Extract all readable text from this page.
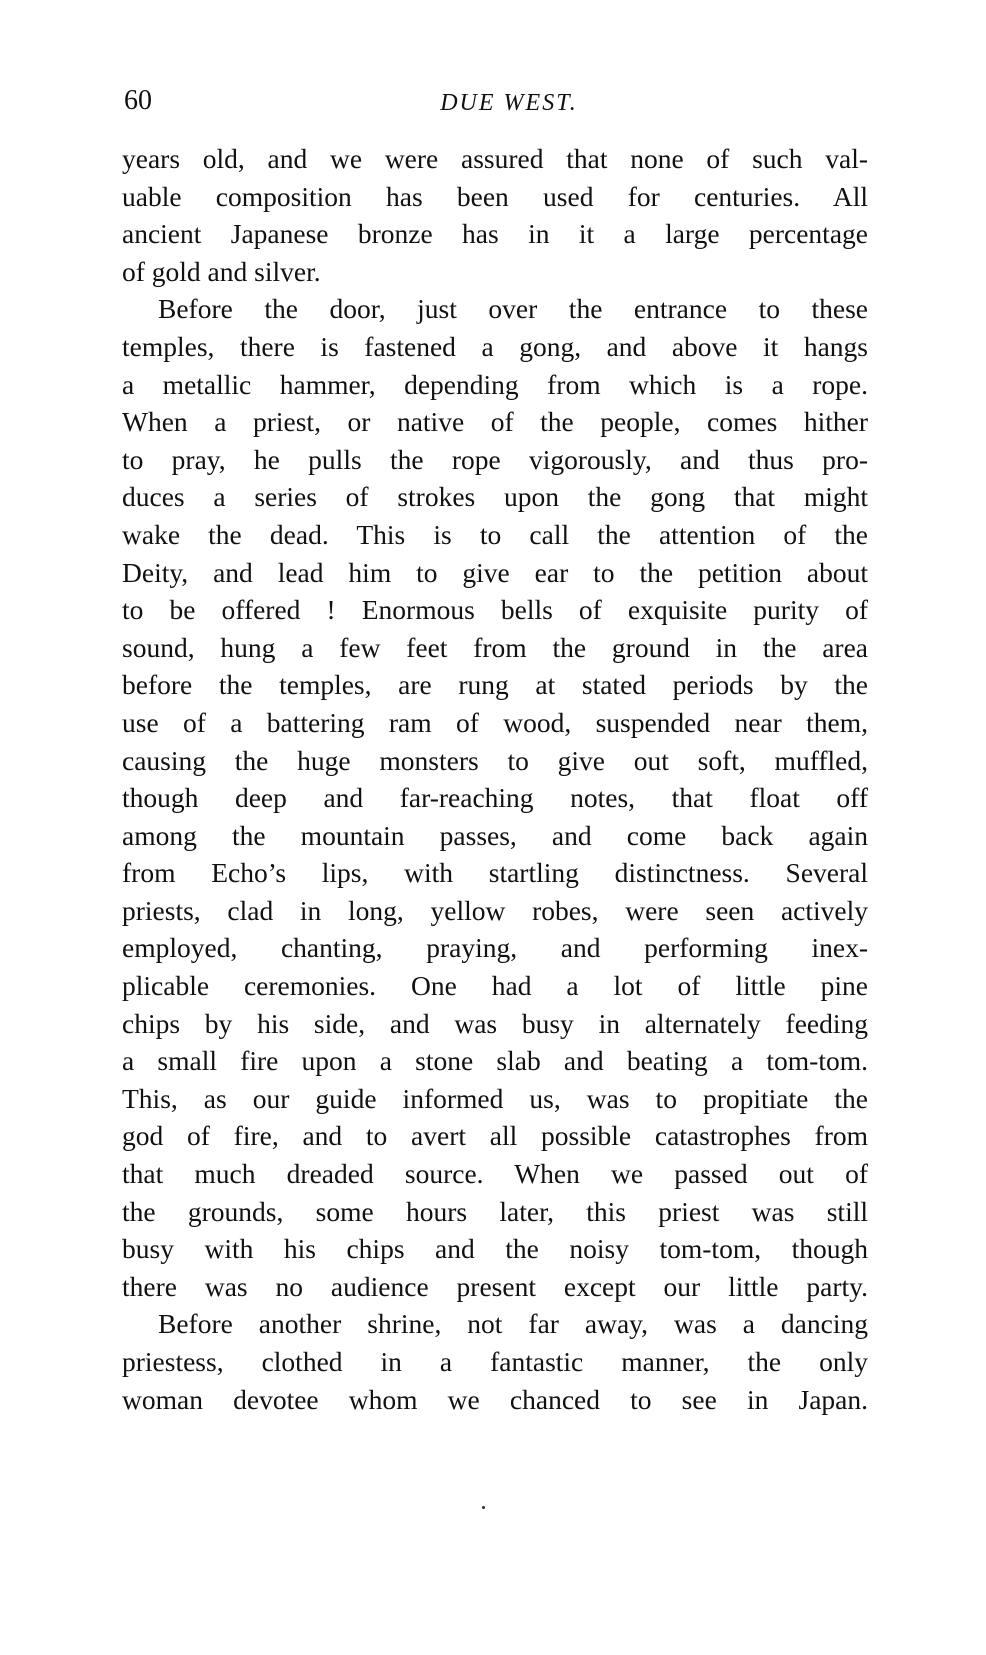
60	DUE WEST.
years old, and we were assured that none of such val-
uable composition has been used for centuries. All
ancient Japanese bronze has in it a large percentage
of gold and silver.
Before the door, just over the entrance to these
temples, there is fastened a gong, and above it hangs
a metallic hammer, depending from which is a rope.
When a priest, or native of the people, comes hither
to pray, he pulls the rope vigorously, and thus pro-
duces a series of strokes upon the gong that might
wake the dead. This is to call the attention of the
Deity, and lead him to give ear to the petition about
to be offered ! Enormous bells of exquisite purity of
sound, hung a few feet from the ground in the area
before the temples, are rung at stated periods by the
use of a battering ram of wood, suspended near them,
causing the huge monsters to give out soft, muffled,
though deep and far-reaching notes, that float off
among the mountain passes, and come back again
from Echo’s lips, with startling distinctness. Several
priests, clad in long, yellow robes, were seen actively
employed, chanting, praying, and performing inex-
plicable ceremonies. One had a lot of little pine
chips by his side, and was busy in alternately feeding
a small fire upon a stone slab and beating a tom-tom.
This, as our guide informed us, was to propitiate the
god of fire, and to avert all possible catastrophes from
that much dreaded source. When we passed out of
the grounds, some hours later, this priest was still
busy with his chips and the noisy tom-tom, though
there was no audience present except our little party.
Before another shrine, not far away, was a dancing
priestess, clothed in a fantastic manner, the only
woman devotee whom we chanced to see in Japan.
